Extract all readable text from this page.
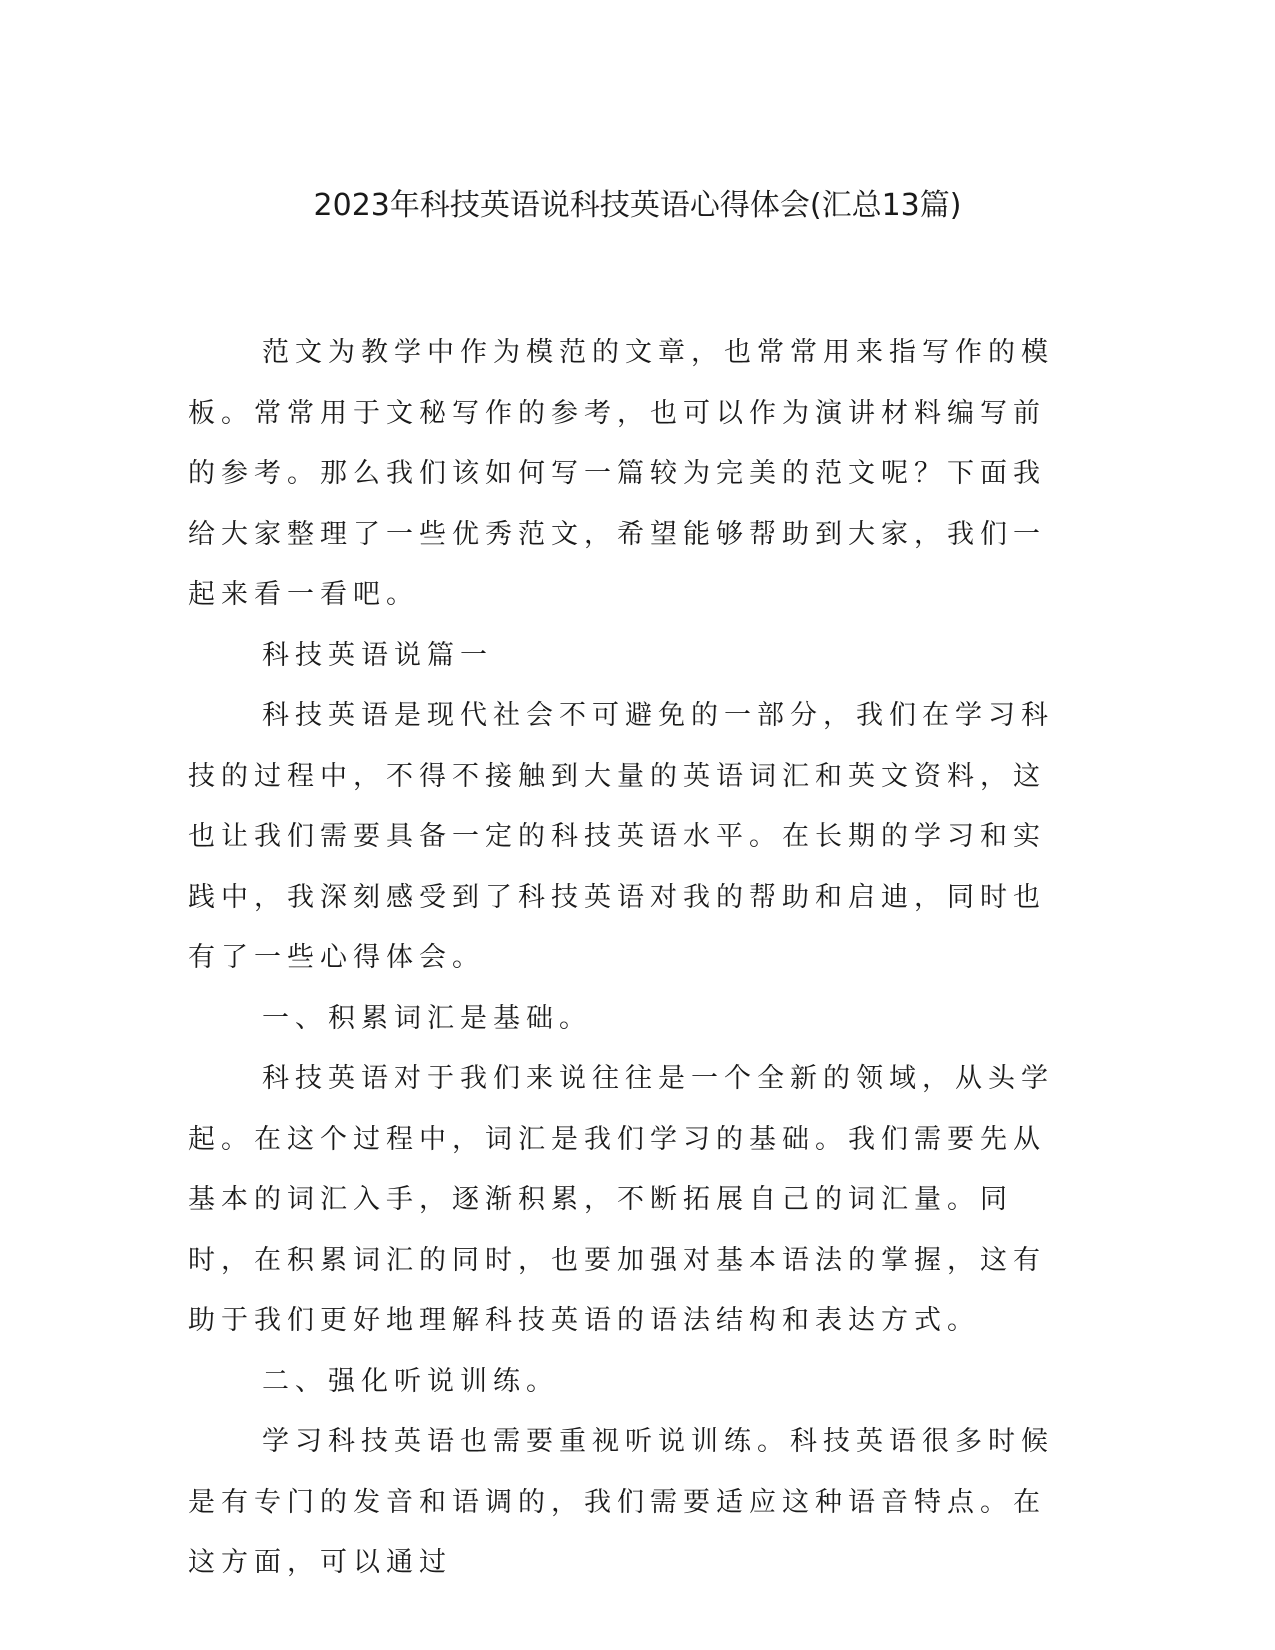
2023年科技英语说科技英语心得体会(汇总13篇)

范文为教学中作为模范的文章，也常常用来指写作的模板。常常用于文秘写作的参考，也可以作为演讲材料编写前的参考。那么我们该如何写一篇较为完美的范文呢？下面我给大家整理了一些优秀范文，希望能够帮助到大家，我们一起来看一看吧。

科技英语说篇一

科技英语是现代社会不可避免的一部分，我们在学习科技的过程中，不得不接触到大量的英语词汇和英文资料，这也让我们需要具备一定的科技英语水平。在长期的学习和实践中，我深刻感受到了科技英语对我的帮助和启迪，同时也有了一些心得体会。

一、积累词汇是基础。

科技英语对于我们来说往往是一个全新的领域，从头学起。在这个过程中，词汇是我们学习的基础。我们需要先从基本的词汇入手，逐渐积累，不断拓展自己的词汇量。同时，在积累词汇的同时，也要加强对基本语法的掌握，这有助于我们更好地理解科技英语的语法结构和表达方式。

二、强化听说训练。

学习科技英语也需要重视听说训练。科技英语很多时候是有专门的发音和语调的，我们需要适应这种语音特点。在这方面，可以通过
